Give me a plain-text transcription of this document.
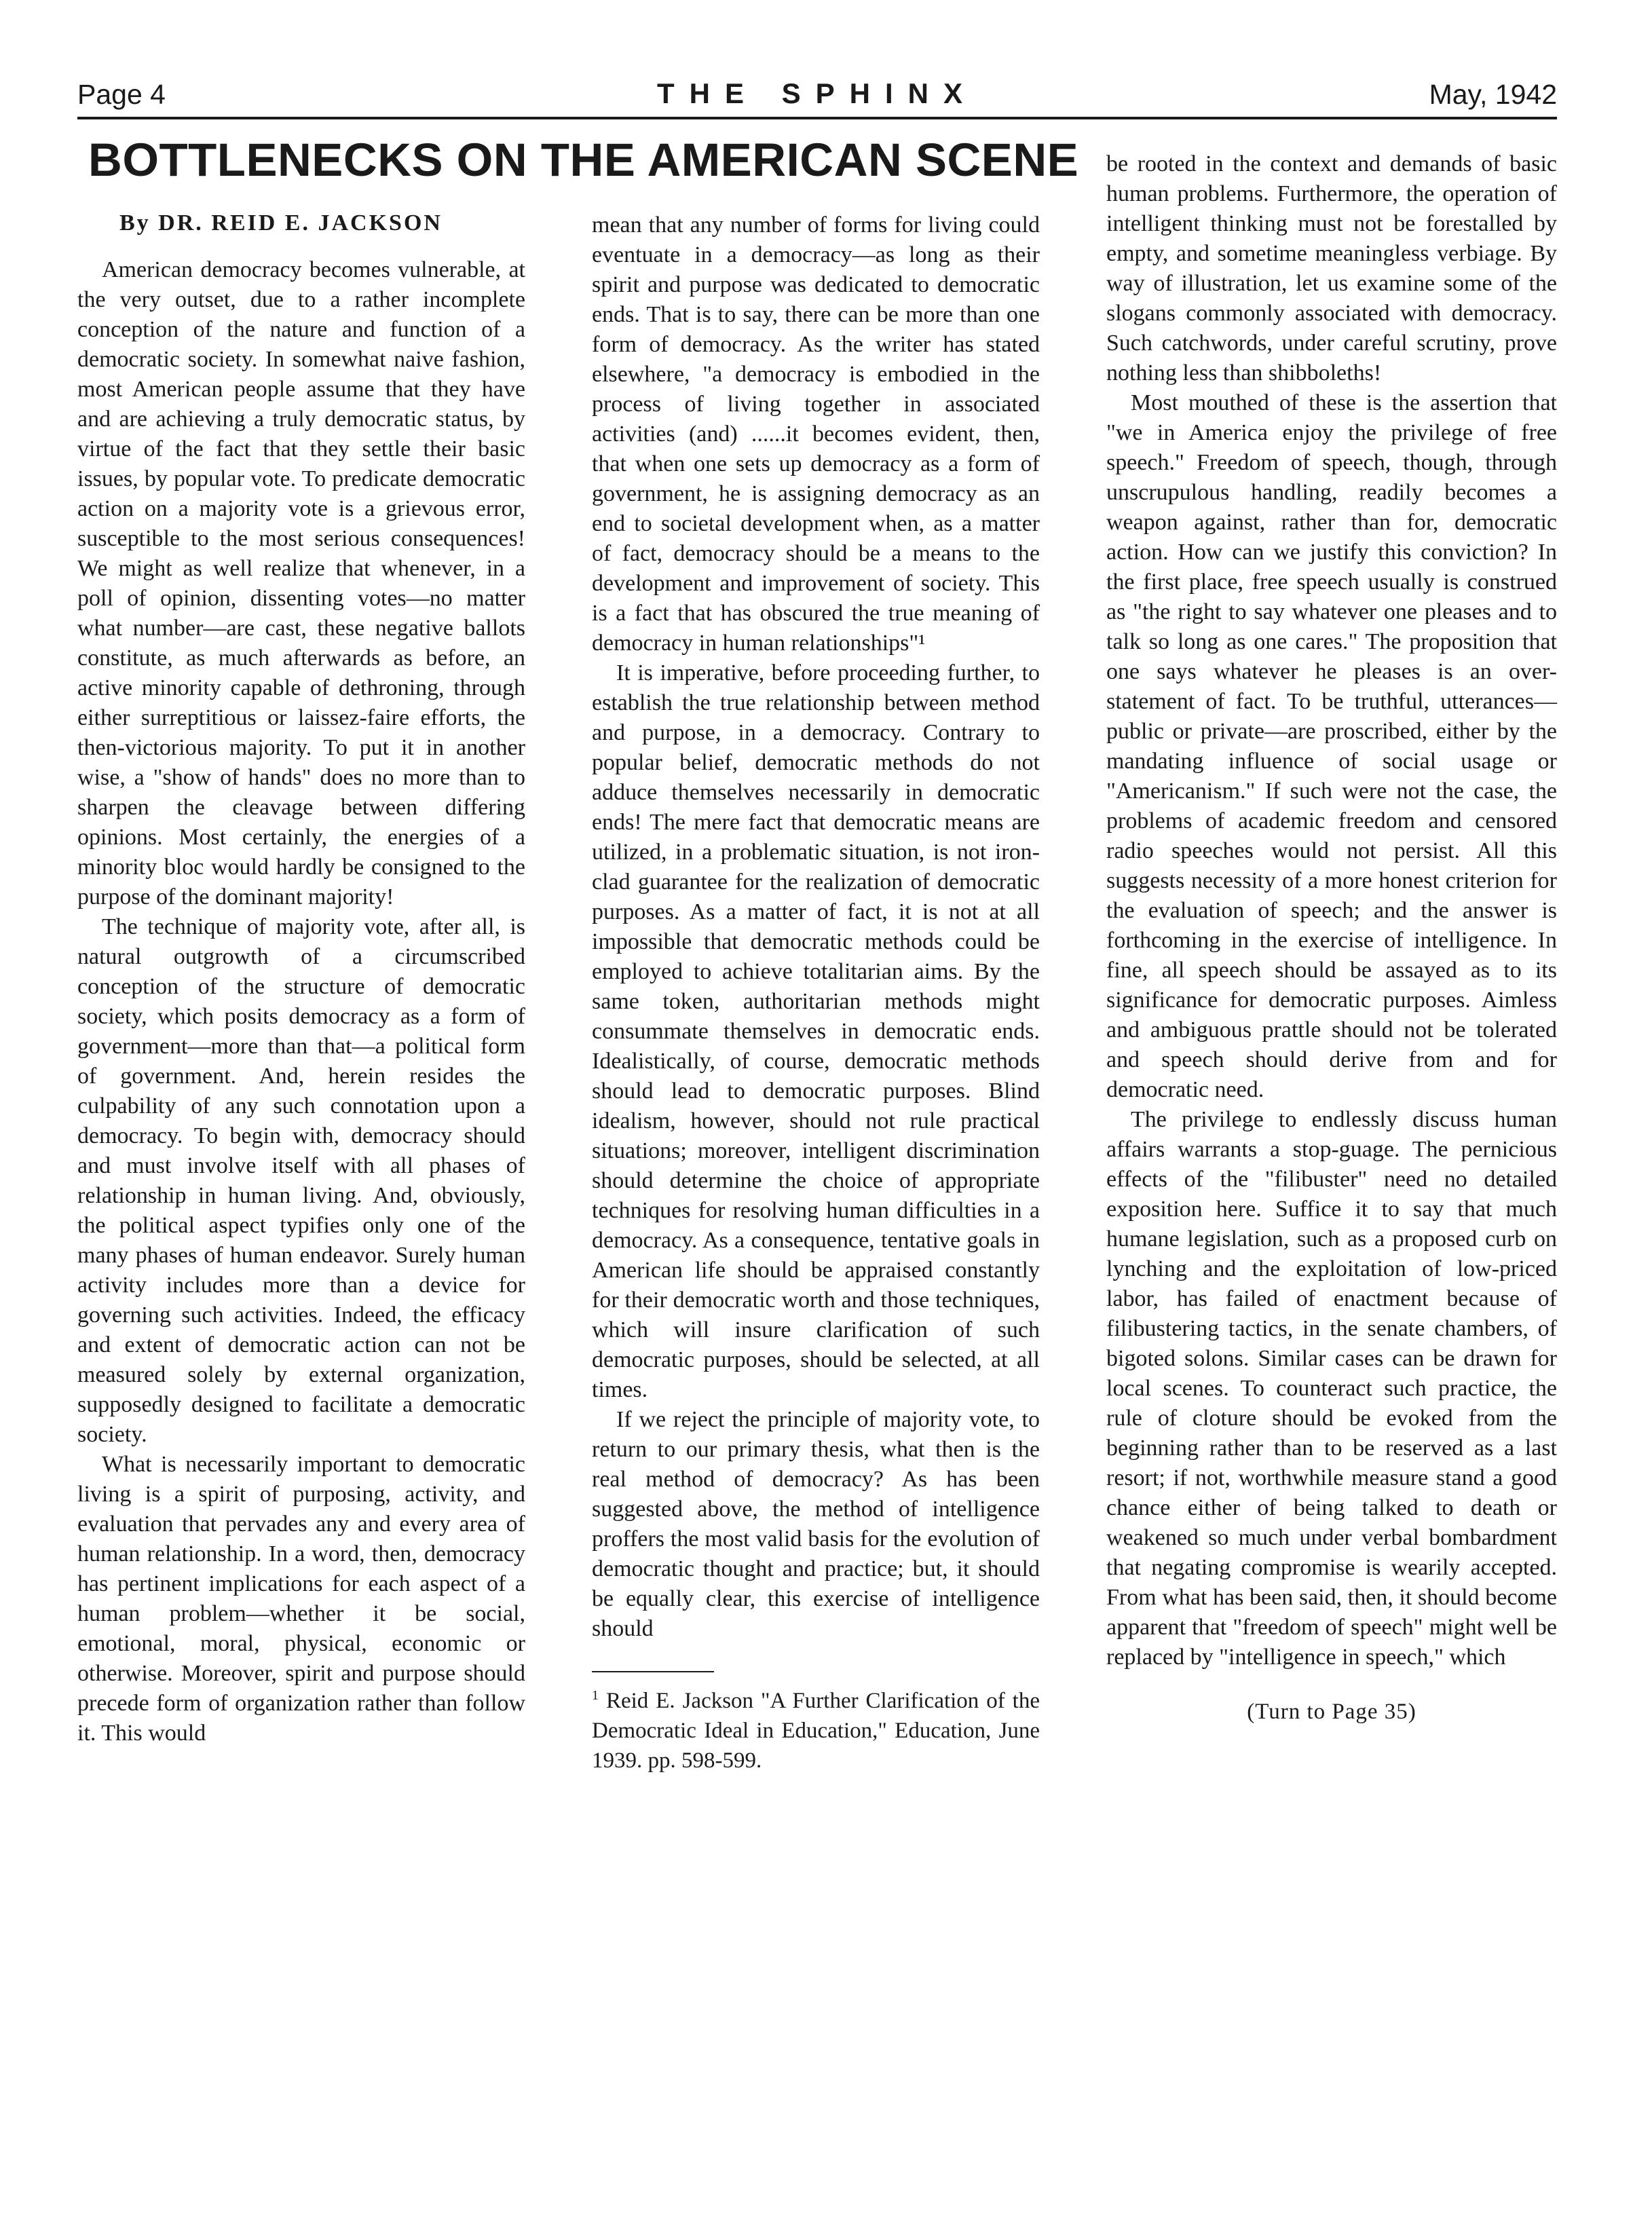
Page 4	THE SPHINX	May, 1942
BOTTLENECKS ON THE AMERICAN SCENE
By DR. REID E. JACKSON

American democracy becomes vulnerable, at the very outset, due to a rather incomplete conception of the nature and function of a democratic society. In somewhat naive fashion, most American people assume that they have and are achieving a truly democratic status, by virtue of the fact that they settle their basic issues, by popular vote. To predicate democratic action on a majority vote is a grievous error, susceptible to the most serious consequences! We might as well realize that whenever, in a poll of opinion, dissenting votes—no matter what number—are cast, these negative ballots constitute, as much afterwards as before, an active minority capable of dethroning, through either surreptitious or laissez-faire efforts, the then-victorious majority. To put it in another wise, a "show of hands" does no more than to sharpen the cleavage between differing opinions. Most certainly, the energies of a minority bloc would hardly be consigned to the purpose of the dominant majority!

The technique of majority vote, after all, is natural outgrowth of a circumscribed conception of the structure of democratic society, which posits democracy as a form of government—more than that—a political form of government. And, herein resides the culpability of any such connotation upon a democracy. To begin with, democracy should and must involve itself with all phases of relationship in human living. And, obviously, the political aspect typifies only one of the many phases of human endeavor. Surely human activity includes more than a device for governing such activities. Indeed, the efficacy and extent of democratic action can not be measured solely by external organization, supposedly designed to facilitate a democratic society.

What is necessarily important to democratic living is a spirit of purposing, activity, and evaluation that pervades any and every area of human relationship. In a word, then, democracy has pertinent implications for each aspect of a human problem—whether it be social, emotional, moral, physical, economic or otherwise. Moreover, spirit and purpose should precede form of organization rather than follow it. This would

mean that any number of forms for living could eventuate in a democracy—as long as their spirit and purpose was dedicated to democratic ends. That is to say, there can be more than one form of democracy. As the writer has stated elsewhere, "a democracy is embodied in the process of living together in associated activities (and) ......it becomes evident, then, that when one sets up democracy as a form of government, he is assigning democracy as an end to societal development when, as a matter of fact, democracy should be a means to the development and improvement of society. This is a fact that has obscured the true meaning of democracy in human relationships"¹

It is imperative, before proceeding further, to establish the true relationship between method and purpose, in a democracy. Contrary to popular belief, democratic methods do not adduce themselves necessarily in democratic ends! The mere fact that democratic means are utilized, in a problematic situation, is not iron-clad guarantee for the realization of democratic purposes. As a matter of fact, it is not at all impossible that democratic methods could be employed to achieve totalitarian aims. By the same token, authoritarian methods might consummate themselves in democratic ends. Idealistically, of course, democratic methods should lead to democratic purposes. Blind idealism, however, should not rule practical situations; moreover, intelligent discrimination should determine the choice of appropriate techniques for resolving human difficulties in a democracy. As a consequence, tentative goals in American life should be appraised constantly for their democratic worth and those techniques, which will insure clarification of such democratic purposes, should be selected, at all times.

If we reject the principle of majority vote, to return to our primary thesis, what then is the real method of democracy? As has been suggested above, the method of intelligence proffers the most valid basis for the evolution of democratic thought and practice; but, it should be equally clear, this exercise of intelligence should

$^1$ Reid E. Jackson "A Further Clarification of the Democratic Ideal in Education," Education, June 1939. pp. 598-599.

be rooted in the context and demands of basic human problems. Furthermore, the operation of intelligent thinking must not be forestalled by empty, and sometime meaningless verbiage. By way of illustration, let us examine some of the slogans commonly associated with democracy. Such catchwords, under careful scrutiny, prove nothing less than shibboleths!

Most mouthed of these is the assertion that "we in America enjoy the privilege of free speech." Freedom of speech, though, through unscrupulous handling, readily becomes a weapon against, rather than for, democratic action. How can we justify this conviction? In the first place, free speech usually is construed as "the right to say whatever one pleases and to talk so long as one cares." The proposition that one says whatever he pleases is an over-statement of fact. To be truthful, utterances—public or private—are proscribed, either by the mandating influence of social usage or "Americanism." If such were not the case, the problems of academic freedom and censored radio speeches would not persist. All this suggests necessity of a more honest criterion for the evaluation of speech; and the answer is forthcoming in the exercise of intelligence. In fine, all speech should be assayed as to its significance for democratic purposes. Aimless and ambiguous prattle should not be tolerated and speech should derive from and for democratic need.

The privilege to endlessly discuss human affairs warrants a stop-guage. The pernicious effects of the "filibuster" need no detailed exposition here. Suffice it to say that much humane legislation, such as a proposed curb on lynching and the exploitation of low-priced labor, has failed of enactment because of filibustering tactics, in the senate chambers, of bigoted solons. Similar cases can be drawn for local scenes. To counteract such practice, the rule of cloture should be evoked from the beginning rather than to be reserved as a last resort; if not, worthwhile measure stand a good chance either of being talked to death or weakened so much under verbal bombardment that negating compromise is wearily accepted. From what has been said, then, it should become apparent that "freedom of speech" might well be replaced by "intelligence in speech," which

(Turn to Page 35)
